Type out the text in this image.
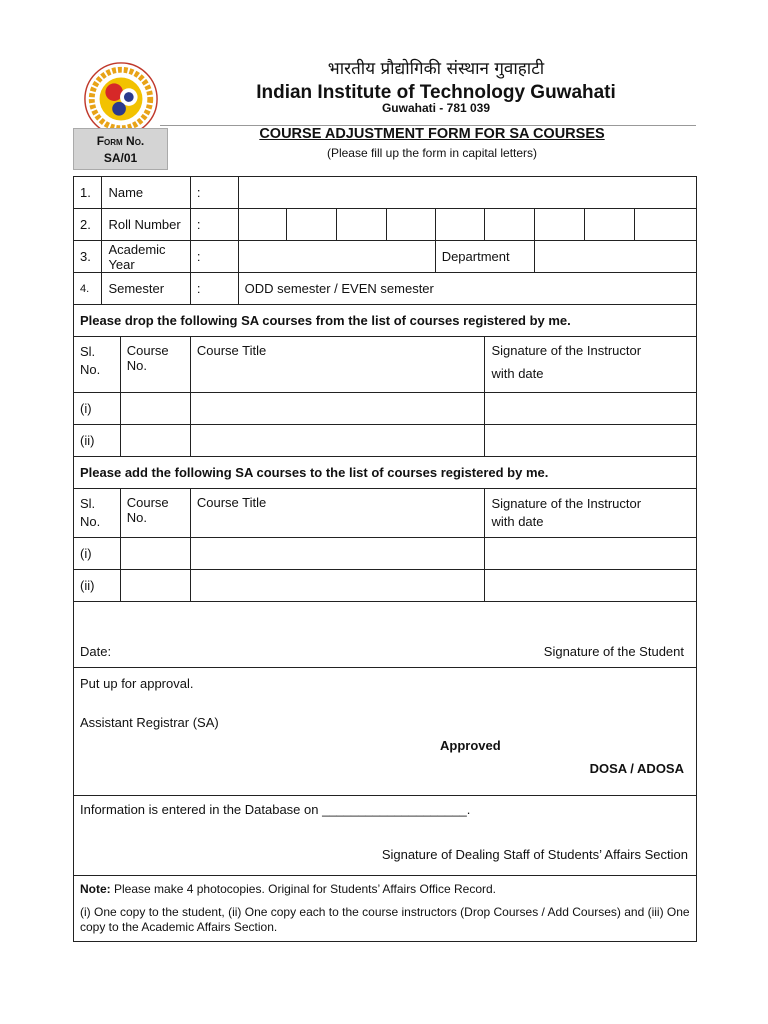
भारतीय प्रौद्योगिकी संस्थान गुवाहाटी
Indian Institute of Technology Guwahati
Guwahati - 781 039
Form No.
SA/01
COURSE ADJUSTMENT FORM FOR SA COURSES
(Please fill up the form in capital letters)
1.	Name		:									
2.	Roll Number		:									
3.	Academic Year		:					Department				
4.	Semester		:	ODD semester / EVEN semester								
Please drop the following SA courses from the list of courses registered by me.												
Sl. No.		Course No.	Course Title						Signature of the Instructor
with date			

(i)												
(ii)												
Please add the following SA courses to the list of courses registered by me.												
Sl. No.		Course No.	Course Title						Signature of the Instructor
with date			

(i)												
(ii)												

Date: Signature of the Student												

Put up for approval.
Assistant Registrar (SA)
Approved
DOSA / ADOSA												

Information is entered in the Database on ____________________.
Signature of Dealing Staff of Students’ Affairs Section												

Note: Please make 4 photocopies. Original for Students’ Affairs Office Record.
(i) One copy to the student, (ii) One copy each to the course instructors (Drop Courses / Add Courses) and (iii) One copy to the Academic Affairs Section.												
